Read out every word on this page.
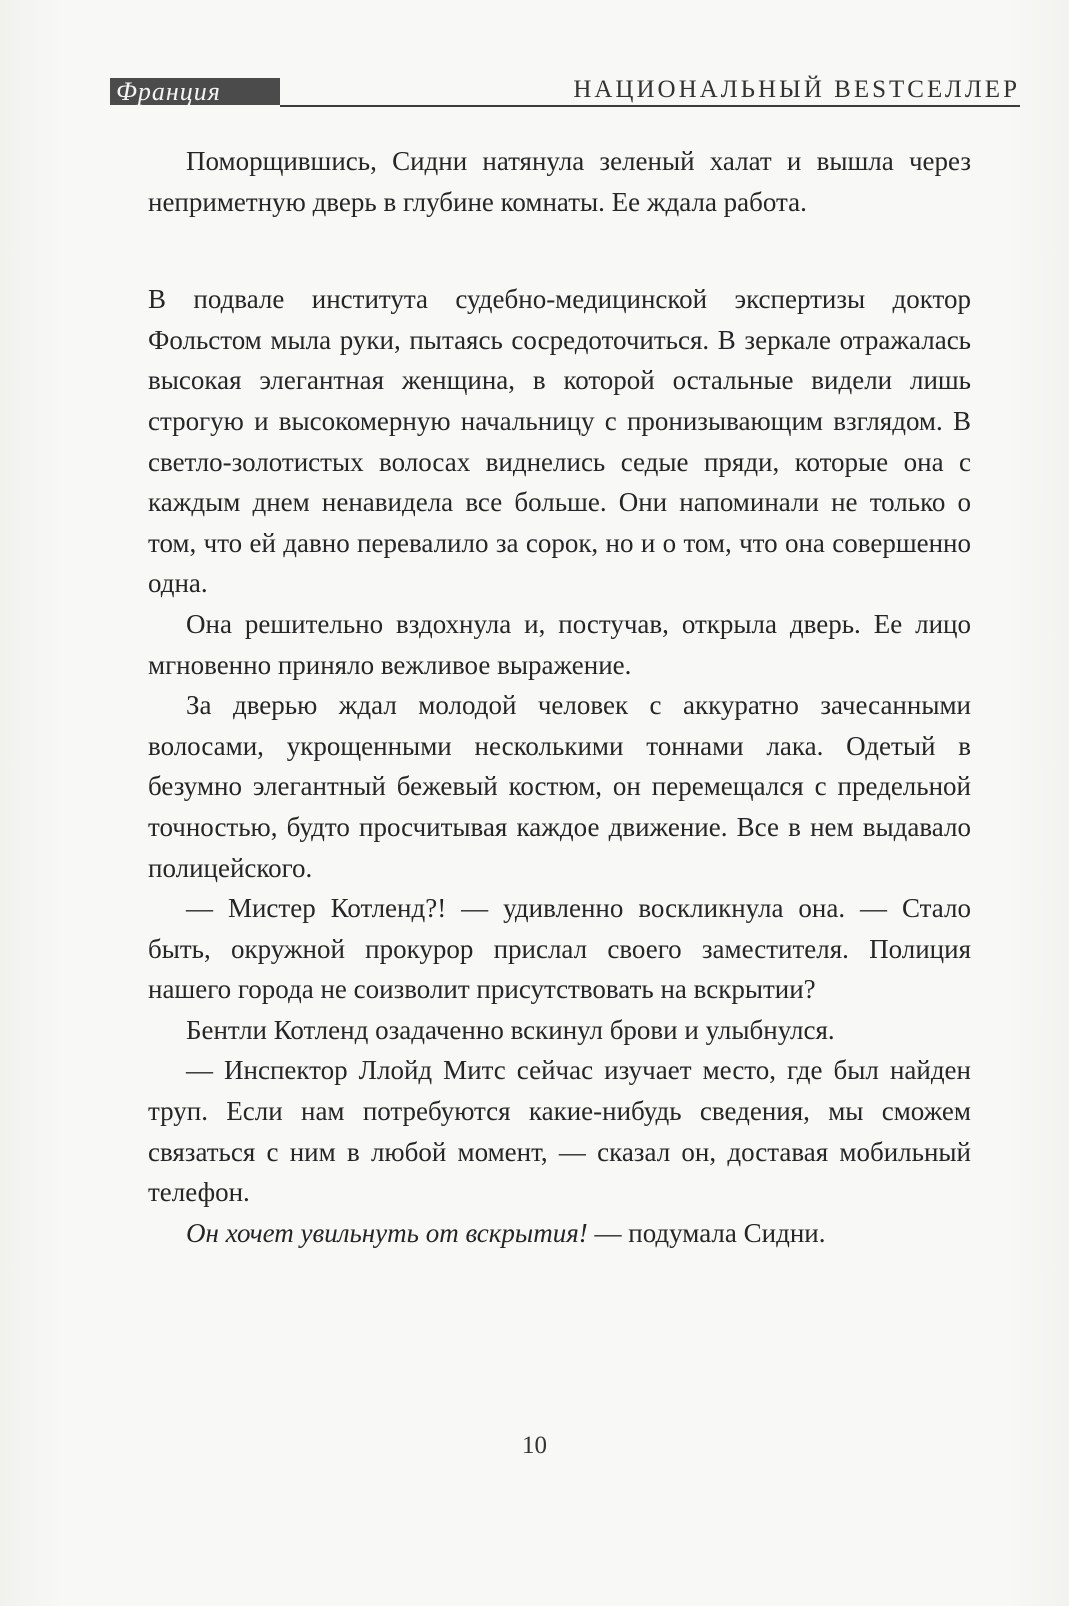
Франция	НАЦИОНАЛЬНЫЙ BESTСЕЛЛЕР

Поморщившись, Сидни натянула зеленый халат и вышла через неприметную дверь в глубине комнаты. Ее ждала работа.

В подвале института судебно-медицинской экспертизы доктор Фольстом мыла руки, пытаясь сосредоточиться. В зеркале отражалась высокая элегантная женщина, в которой остальные видели лишь строгую и высокомерную начальницу с пронизывающим взглядом. В светло-золотистых волосах виднелись седые пряди, которые она с каждым днем ненавидела все больше. Они напоминали не только о том, что ей давно перевалило за сорок, но и о том, что она совершенно одна.

Она решительно вздохнула и, постучав, открыла дверь. Ее лицо мгновенно приняло вежливое выражение.

За дверью ждал молодой человек с аккуратно зачесанными волосами, укрощенными несколькими тоннами лака. Одетый в безумно элегантный бежевый костюм, он перемещался с предельной точностью, будто просчитывая каждое движение. Все в нем выдавало полицейского.

— Мистер Котленд?! — удивленно воскликнула она. — Стало быть, окружной прокурор прислал своего заместителя. Полиция нашего города не соизволит присутствовать на вскрытии?

Бентли Котленд озадаченно вскинул брови и улыбнулся.

— Инспектор Ллойд Митс сейчас изучает место, где был найден труп. Если нам потребуются какие-нибудь сведения, мы сможем связаться с ним в любой момент, — сказал он, доставая мобильный телефон.

Он хочет увильнуть от вскрытия! — подумала Сидни.

10
